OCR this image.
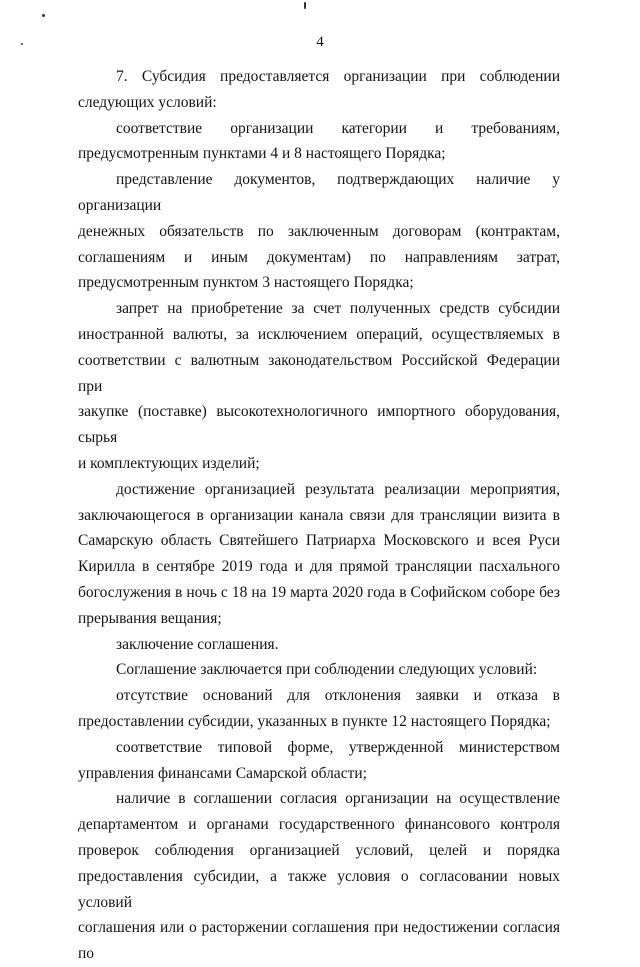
4

7. Субсидия предоставляется организации при соблюдении
следующих условий:

соответствие организации категории и требованиям,
предусмотренным пунктами 4 и 8 настоящего Порядка;

представление документов, подтверждающих наличие у организации
денежных обязательств по заключенным договорам (контрактам,
соглашениям и иным документам) по направлениям затрат,
предусмотренным пунктом 3 настоящего Порядка;

запрет на приобретение за счет полученных средств субсидии
иностранной валюты, за исключением операций, осуществляемых в
соответствии с валютным законодательством Российской Федерации при
закупке (поставке) высокотехнологичного импортного оборудования, сырья
и комплектующих изделий;

достижение организацией результата реализации мероприятия,
заключающегося в организации канала связи для трансляции визита в
Самарскую область Святейшего Патриарха Московского и всея Руси
Кирилла в сентябре 2019 года и для прямой трансляции пасхального
богослужения в ночь с 18 на 19 марта 2020 года в Софийском соборе без
прерывания вещания;

заключение соглашения.

Соглашение заключается при соблюдении следующих условий:

отсутствие оснований для отклонения заявки и отказа в
предоставлении субсидии, указанных в пункте 12 настоящего Порядка;

соответствие типовой форме, утвержденной министерством
управления финансами Самарской области;

наличие в соглашении согласия организации на осуществление
департаментом и органами государственного финансового контроля
проверок соблюдения организацией условий, целей и порядка
предоставления субсидии, а также условия о согласовании новых условий
соглашения или о расторжении соглашения при недостижении согласия по
